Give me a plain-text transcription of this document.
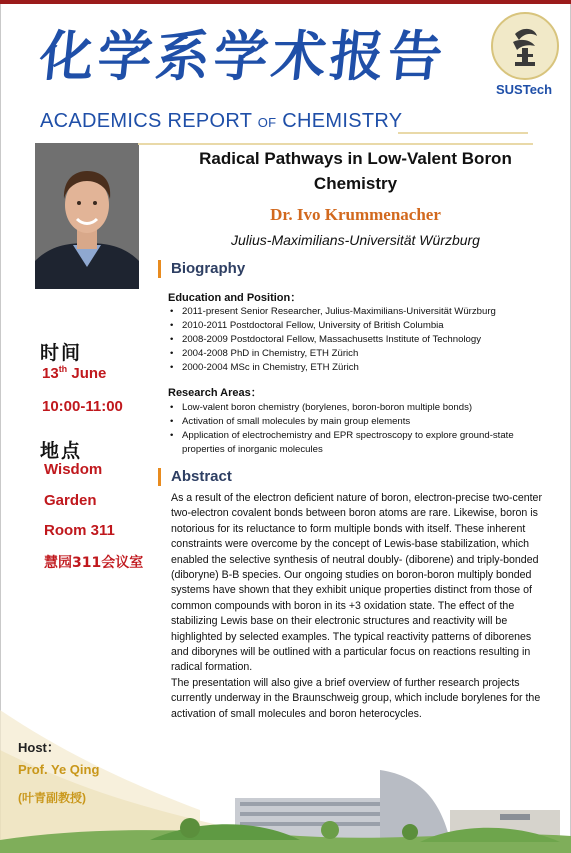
化学系学术报告
ACADEMICS REPORT OF CHEMISTRY
SUSTech
Radical Pathways in Low-Valent Boron Chemistry
Dr. Ivo Krummenacher
Julius-Maximilians-Universität Würzburg
Biography
Education and Position：
• 2011-present Senior Researcher, Julius-Maximilians-Universität Würzburg
• 2010-2011 Postdoctoral Fellow, University of British Columbia
• 2008-2009 Postdoctoral Fellow, Massachusetts Institute of Technology
• 2004-2008 PhD in Chemistry, ETH Zürich
• 2000-2004 MSc in Chemistry, ETH Zürich
Research Areas：
• Low-valent boron chemistry (borylenes, boron-boron multiple bonds)
• Activation of small molecules by main group elements
• Application of electrochemistry and EPR spectroscopy to explore ground-state properties of inorganic molecules
Abstract

As a result of the electron deficient nature of boron, electron-precise two-center two-electron covalent bonds between boron atoms are rare. Likewise, boron is notorious for its reluctance to form multiple bonds with itself. These inherent constraints were overcome by the concept of Lewis-base stabilization, which enabled the selective synthesis of neutral doubly- (diborene) and triply-bonded (diboryne) B-B species. Our ongoing studies on boron-boron multiply bonded systems have shown that they exhibit unique properties distinct from those of common compounds with boron in its +3 oxidation state. The effect of the stabilizing Lewis base on their electronic structures and reactivity will be highlighted by selected examples. The typical reactivity patterns of diborenes and diborynes will be outlined with a particular focus on reactions resulting in radical formation.

The presentation will also give a brief overview of further research projects currently underway in the Braunschweig group, which include borylenes for the activation of small molecules and boron heterocycles.

时间
13th June
10:00-11:00
地点
Wisdom
Garden
Room 311
慧园311会议室
Host：
Prof. Ye Qing
(叶青副教授)
